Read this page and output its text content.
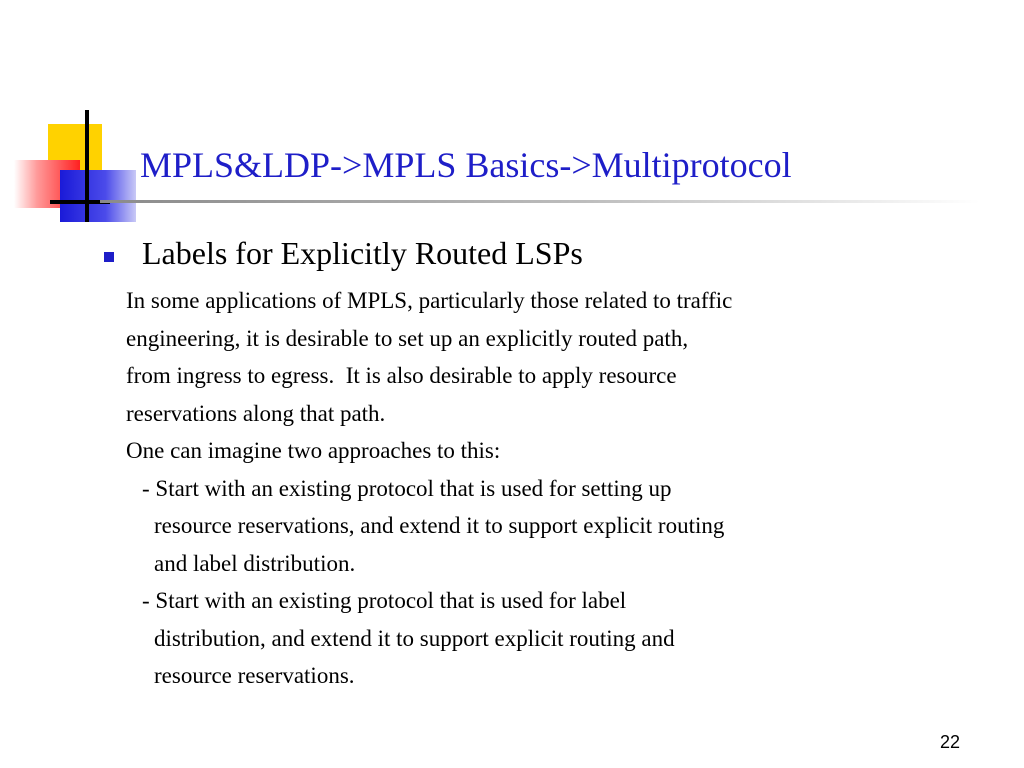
MPLS&LDP->MPLS Basics->Multiprotocol
Labels for Explicitly Routed LSPs
In some applications of MPLS, particularly those related to traffic
engineering, it is desirable to set up an explicitly routed path,
from ingress to egress.  It is also desirable to apply resource
reservations along that path.
One can imagine two approaches to this:
- Start with an existing protocol that is used for setting up
resource reservations, and extend it to support explicit routing
and label distribution.
- Start with an existing protocol that is used for label
distribution, and extend it to support explicit routing and
resource reservations.
22
